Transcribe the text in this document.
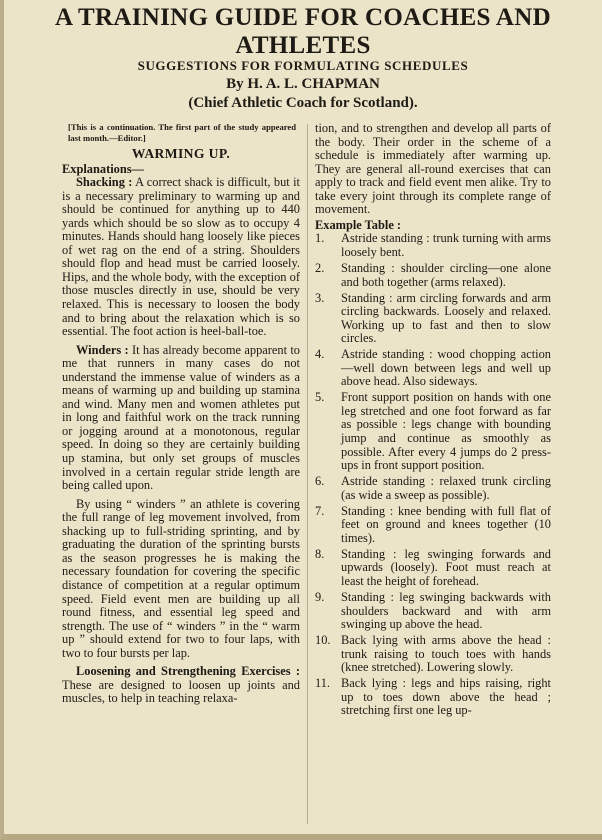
A TRAINING GUIDE FOR COACHES AND ATHLETES
SUGGESTIONS FOR FORMULATING SCHEDULES
By H. A. L. CHAPMAN
(Chief Athletic Coach for Scotland).

[This is a continuation. The first part of the study appeared last month.—Editor.]

WARMING UP.
Explanations—

Shacking : A correct shack is difficult, but it is a necessary preliminary to warming up and should be continued for anything up to 440 yards which should be so slow as to occupy 4 minutes. Hands should hang loosely like pieces of wet rag on the end of a string. Shoulders should flop and head must be carried loosely. Hips, and the whole body, with the exception of those muscles directly in use, should be very relaxed. This is necessary to loosen the body and to bring about the relaxation which is so essential. The foot action is heel-ball-toe.

Winders : It has already become apparent to me that runners in many cases do not understand the immense value of winders as a means of warming up and building up stamina and wind. Many men and women athletes put in long and faithful work on the track running or jogging around at a monotonous, regular speed. In doing so they are certainly building up stamina, but only set groups of muscles involved in a certain regular stride length are being called upon.

By using “ winders ” an athlete is covering the full range of leg movement involved, from shacking up to full-striding sprinting, and by graduating the duration of the sprinting bursts as the season progresses he is making the necessary foundation for covering the specific distance of competition at a regular optimum speed. Field event men are building up all round fitness, and essential leg speed and strength. The use of “ winders ” in the “ warm up ” should extend for two to four laps, with two to four bursts per lap.

Loosening and Strengthening Exercises : These are designed to loosen up joints and muscles, to help in teaching relaxa-

tion, and to strengthen and develop all parts of the body. Their order in the scheme of a schedule is immediately after warming up. They are general all-round exercises that can apply to track and field event men alike. Try to take every joint through its complete range of movement.

Example Table :
1.	Astride standing : trunk turning with arms loosely bent.
2.	Standing : shoulder circling—one alone and both together (arms relaxed).
3.	Standing : arm circling forwards and arm circling backwards. Loosely and relaxed. Working up to fast and then to slow circles.
4.	Astride standing : wood chopping action—well down between legs and well up above head. Also sideways.
5.	Front support position on hands with one leg stretched and one foot forward as far as possible : legs change with bounding jump and continue as smoothly as possible. After every 4 jumps do 2 press-ups in front support position.
6.	Astride standing : relaxed trunk circling (as wide a sweep as possible).
7.	Standing : knee bending with full flat of feet on ground and knees together (10 times).
8.	Standing : leg swinging forwards and upwards (loosely). Foot must reach at least the height of forehead.
9.	Standing : leg swinging backwards with shoulders backward and with arm swinging up above the head.
10. Back lying with arms above the head : trunk raising to touch toes with hands (knee stretched). Lowering slowly.
11. Back lying : legs and hips raising, right up to toes down above the head ; stretching first one leg up-
